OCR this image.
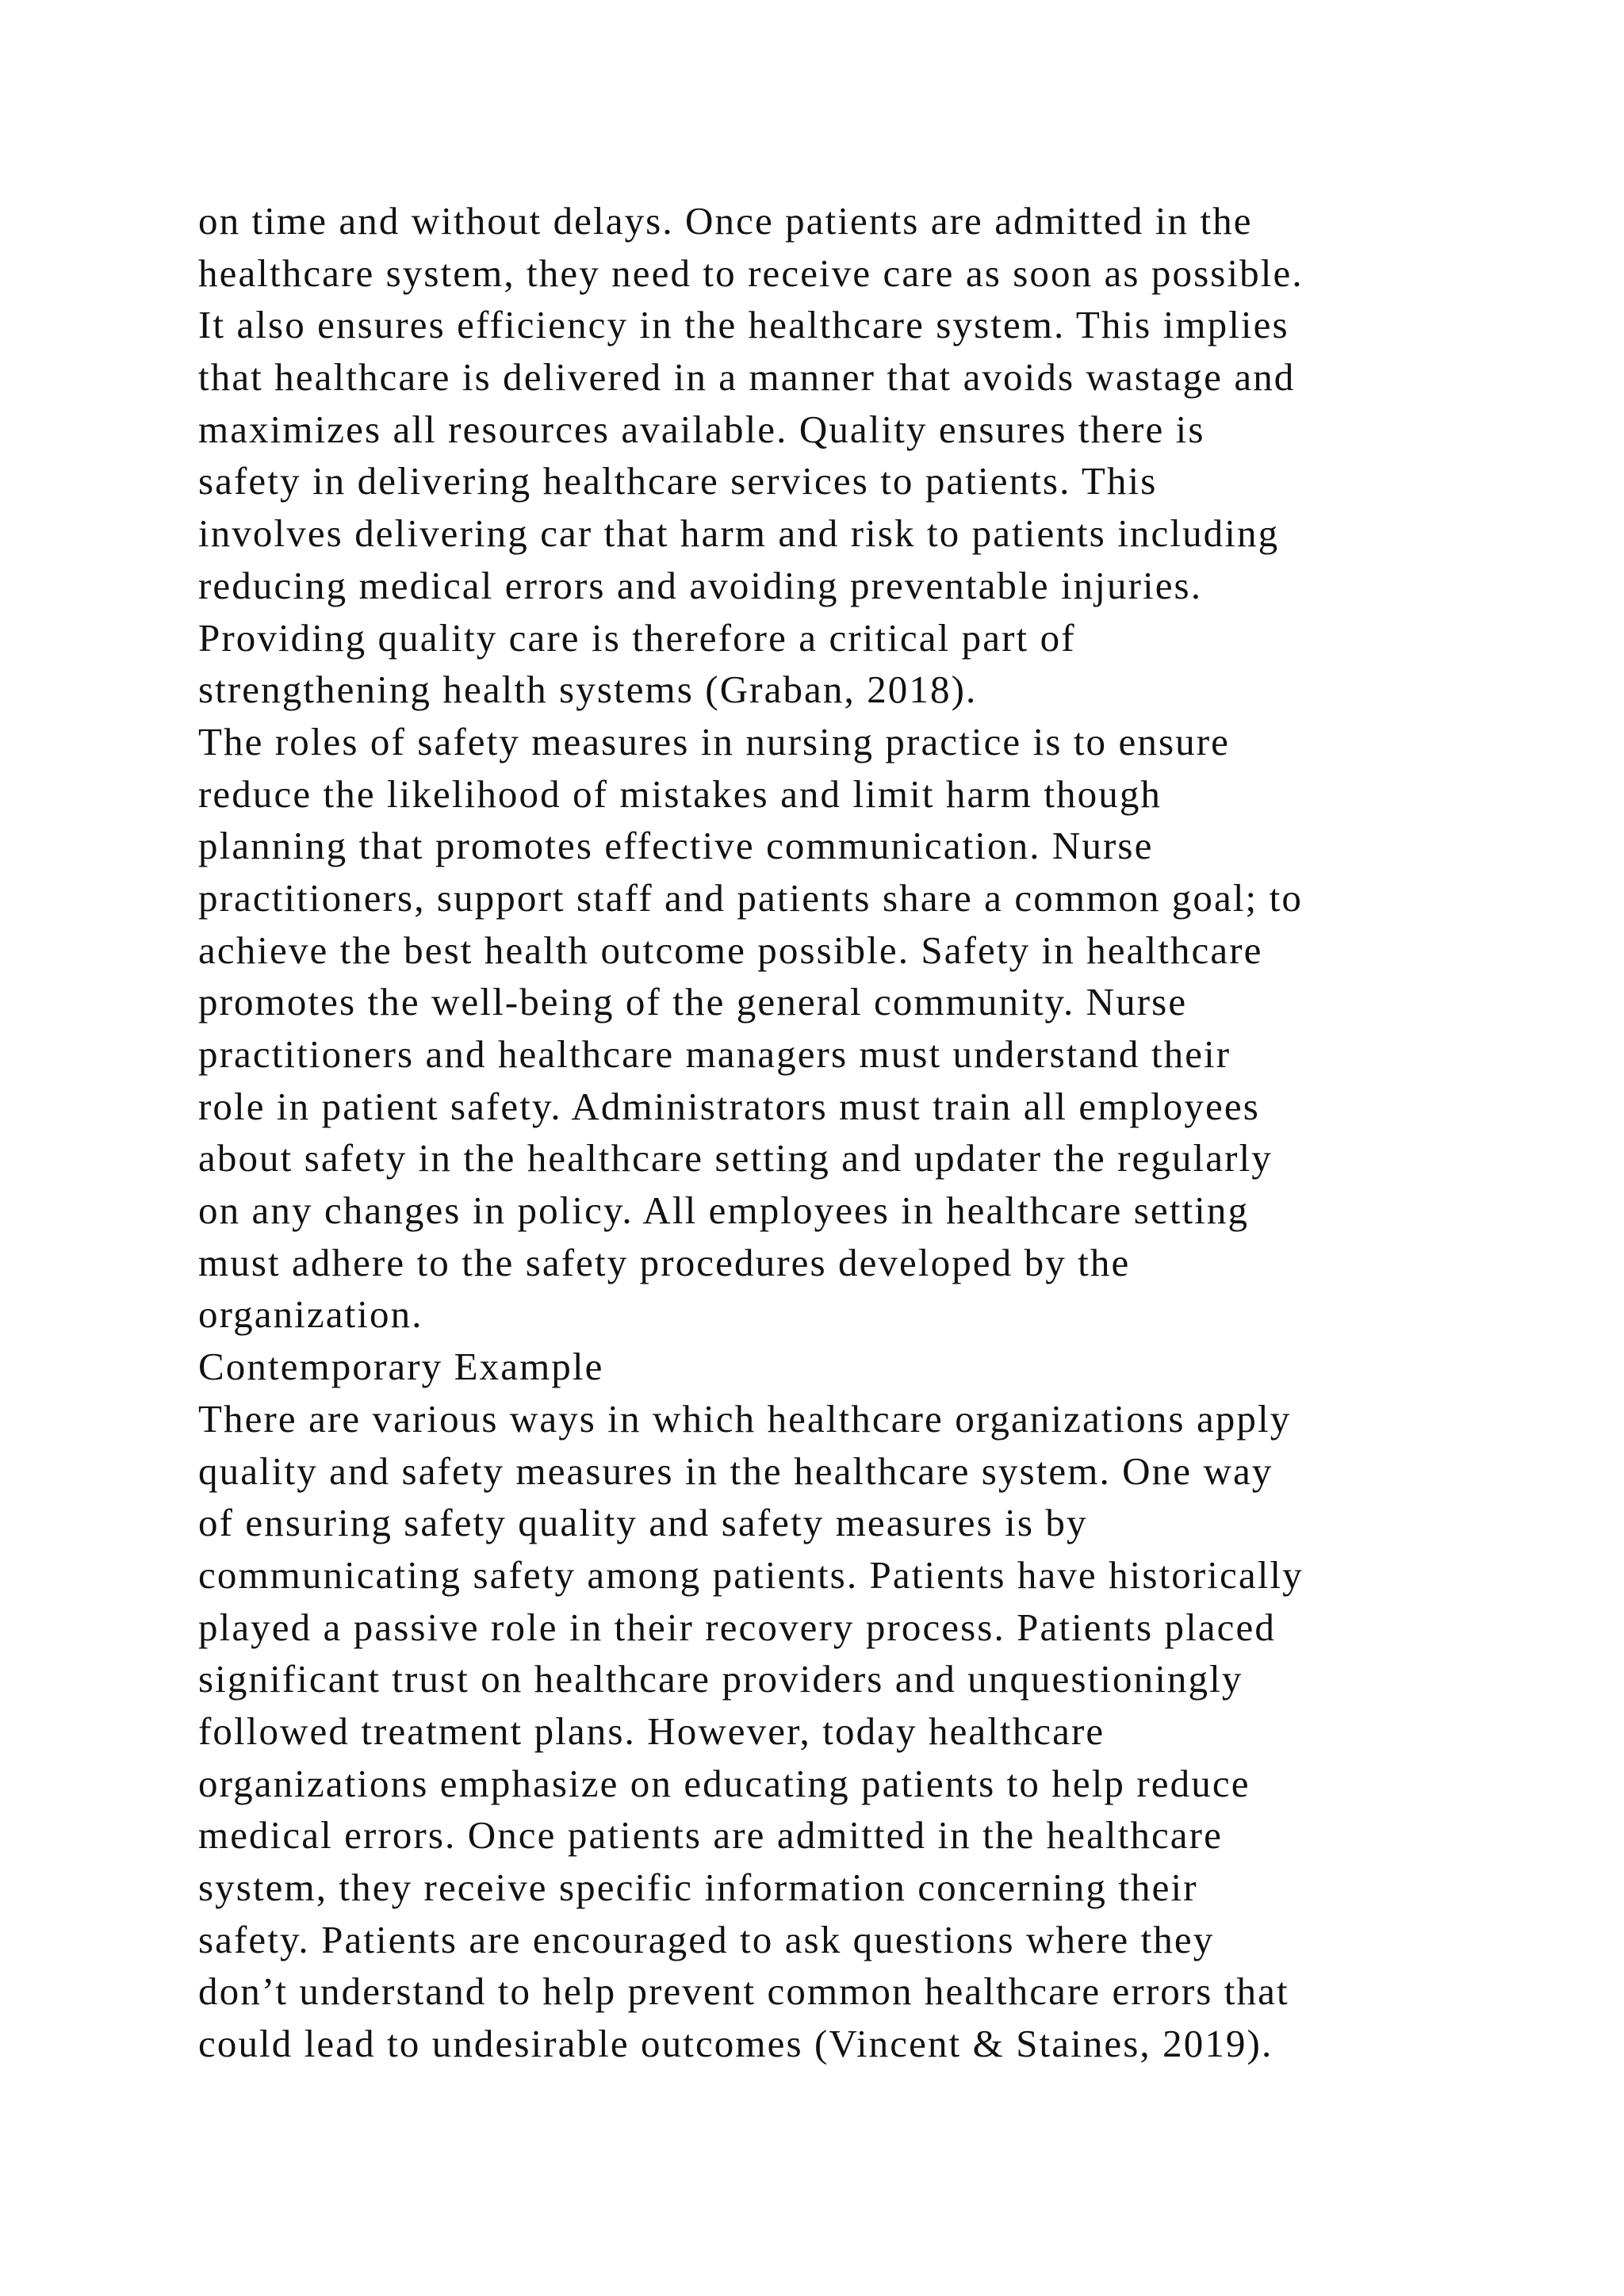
on time and without delays. Once patients are admitted in the
healthcare system, they need to receive care as soon as possible.
It also ensures efficiency in the healthcare system. This implies
that healthcare is delivered in a manner that avoids wastage and
maximizes all resources available. Quality ensures there is
safety in delivering healthcare services to patients. This
involves delivering car that harm and risk to patients including
reducing medical errors and avoiding preventable injuries.
Providing quality care is therefore a critical part of
strengthening health systems (Graban, 2018).
The roles of safety measures in nursing practice is to ensure
reduce the likelihood of mistakes and limit harm though
planning that promotes effective communication. Nurse
practitioners, support staff and patients share a common goal; to
achieve the best health outcome possible. Safety in healthcare
promotes the well-being of the general community. Nurse
practitioners and healthcare managers must understand their
role in patient safety. Administrators must train all employees
about safety in the healthcare setting and updater the regularly
on any changes in policy. All employees in healthcare setting
must adhere to the safety procedures developed by the
organization.
Contemporary Example
There are various ways in which healthcare organizations apply
quality and safety measures in the healthcare system. One way
of ensuring safety quality and safety measures is by
communicating safety among patients. Patients have historically
played a passive role in their recovery process. Patients placed
significant trust on healthcare providers and unquestioningly
followed treatment plans. However, today healthcare
organizations emphasize on educating patients to help reduce
medical errors. Once patients are admitted in the healthcare
system, they receive specific information concerning their
safety. Patients are encouraged to ask questions where they
don’t understand to help prevent common healthcare errors that
could lead to undesirable outcomes (Vincent & Staines, 2019).
